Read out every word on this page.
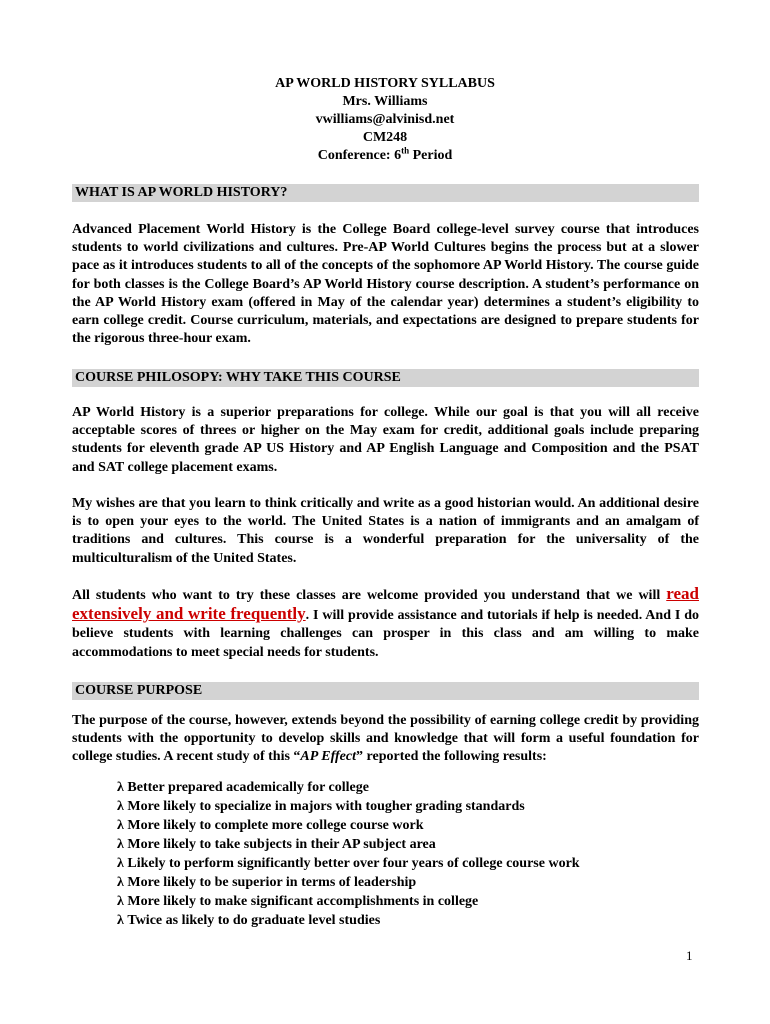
AP WORLD HISTORY SYLLABUS
Mrs. Williams
vwilliams@alvinisd.net
CM248
Conference: 6th Period
WHAT IS AP WORLD HISTORY?

Advanced Placement World History is the College Board college-level survey course that introduces students to world civilizations and cultures. Pre-AP World Cultures begins the process but at a slower pace as it introduces students to all of the concepts of the sophomore AP World History. The course guide for both classes is the College Board’s AP World History course description. A student’s performance on the AP World History exam (offered in May of the calendar year) determines a student’s eligibility to earn college credit. Course curriculum, materials, and expectations are designed to prepare students for the rigorous three-hour exam.

COURSE PHILOSOPY: WHY TAKE THIS COURSE

AP World History is a superior preparations for college. While our goal is that you will all receive acceptable scores of threes or higher on the May exam for credit, additional goals include preparing students for eleventh grade AP US History and AP English Language and Composition and the PSAT and SAT college placement exams.

My wishes are that you learn to think critically and write as a good historian would. An additional desire is to open your eyes to the world. The United States is a nation of immigrants and an amalgam of traditions and cultures. This course is a wonderful preparation for the universality of the multiculturalism of the United States.

All students who want to try these classes are welcome provided you understand that we will read extensively and write frequently. I will provide assistance and tutorials if help is needed. And I do believe students with learning challenges can prosper in this class and am willing to make accommodations to meet special needs for students.

COURSE PURPOSE

The purpose of the course, however, extends beyond the possibility of earning college credit by providing students with the opportunity to develop skills and knowledge that will form a useful foundation for college studies. A recent study of this “AP Effect” reported the following results:

λ Better prepared academically for college
λ More likely to specialize in majors with tougher grading standards
λ More likely to complete more college course work
λ More likely to take subjects in their AP subject area
λ Likely to perform significantly better over four years of college course work
λ More likely to be superior in terms of leadership
λ More likely to make significant accomplishments in college
λ Twice as likely to do graduate level studies
1
